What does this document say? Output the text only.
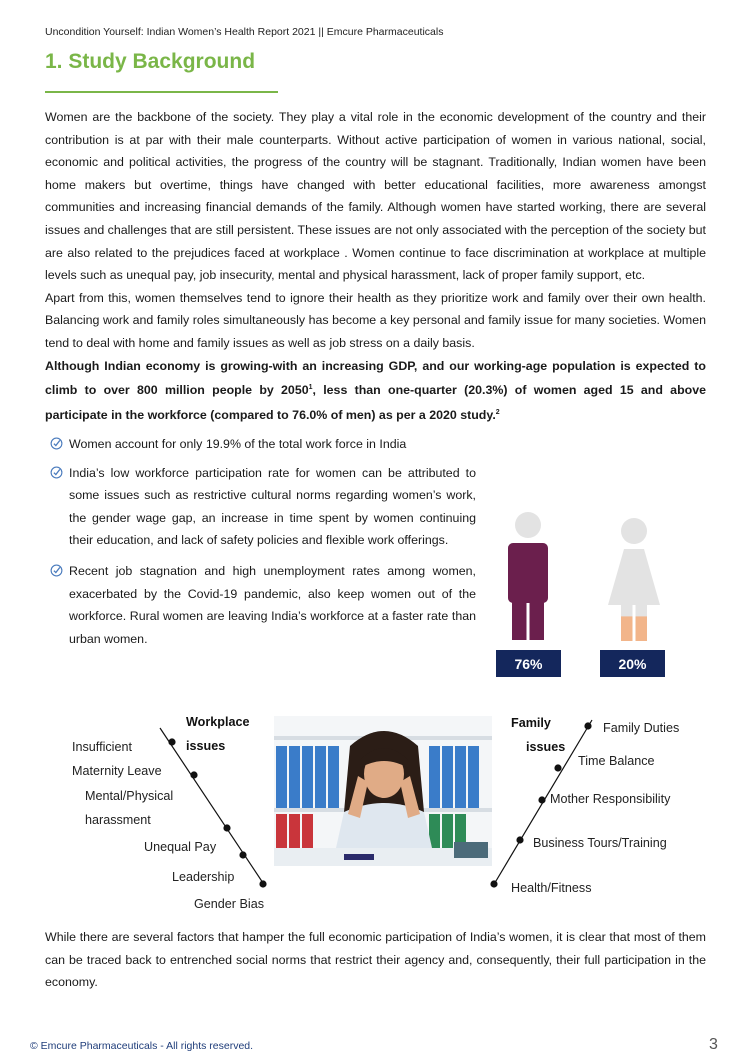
Uncondition Yourself: Indian Women’s Health Report 2021 || Emcure Pharmaceuticals
1. Study Background

Women are the backbone of the society. They play a vital role in the economic development of the country and their contribution is at par with their male counterparts. Without active participation of women in various national, social, economic and political activities, the progress of the country will be stagnant. Traditionally, Indian women have been home makers but overtime, things have changed with better educational facilities, more awareness amongst communities and increasing financial demands of the family. Although women have started working, there are several issues and challenges that are still persistent. These issues are not only associated with the perception of the society but are also related to the prejudices faced at workplace . Women continue to face discrimination at workplace at multiple levels such as unequal pay, job insecurity, mental and physical harassment, lack of proper family support, etc.

Apart from this, women themselves tend to ignore their health as they prioritize work and family over their own health. Balancing work and family roles simultaneously has become a key personal and family issue for many societies. Women tend to deal with home and family issues as well as job stress on a daily basis.

Although Indian economy is growing-with an increasing GDP, and our working-age population is expected to climb to over 800 million people by 2050$^1$, less than one-quarter (20.3%) of women aged 15 and above participate in the workforce (compared to 76.0% of men) as per a 2020 study.$^2$

Women account for only 19.9% of the total work force in India
India’s low workforce participation rate for women can be attributed to some issues such as restrictive cultural norms regarding women’s work, the gender wage gap, an increase in time spent by women continuing their education, and lack of safety policies and flexible work offerings.
Recent job stagnation and high unemployment rates among women, exacerbated by the Covid-19 pandemic, also keep women out of the workforce. Rural women are leaving India’s workforce at a faster rate than urban women.
76%	20%
Workplace
issues
Insufficient
Maternity Leave
Mental/Physical
harassment
Unequal Pay
Leadership
Gender Bias
Family
issues
Family Duties
Time Balance
Mother Responsibility
Business Tours/Training
Health/Fitness
While there are several factors that hamper the full economic participation of India’s women, it is clear that most of them can be traced back to entrenched social norms that restrict their agency and, consequently, their full participation in the economy.
© Emcure Pharmaceuticals - All rights reserved.	3
